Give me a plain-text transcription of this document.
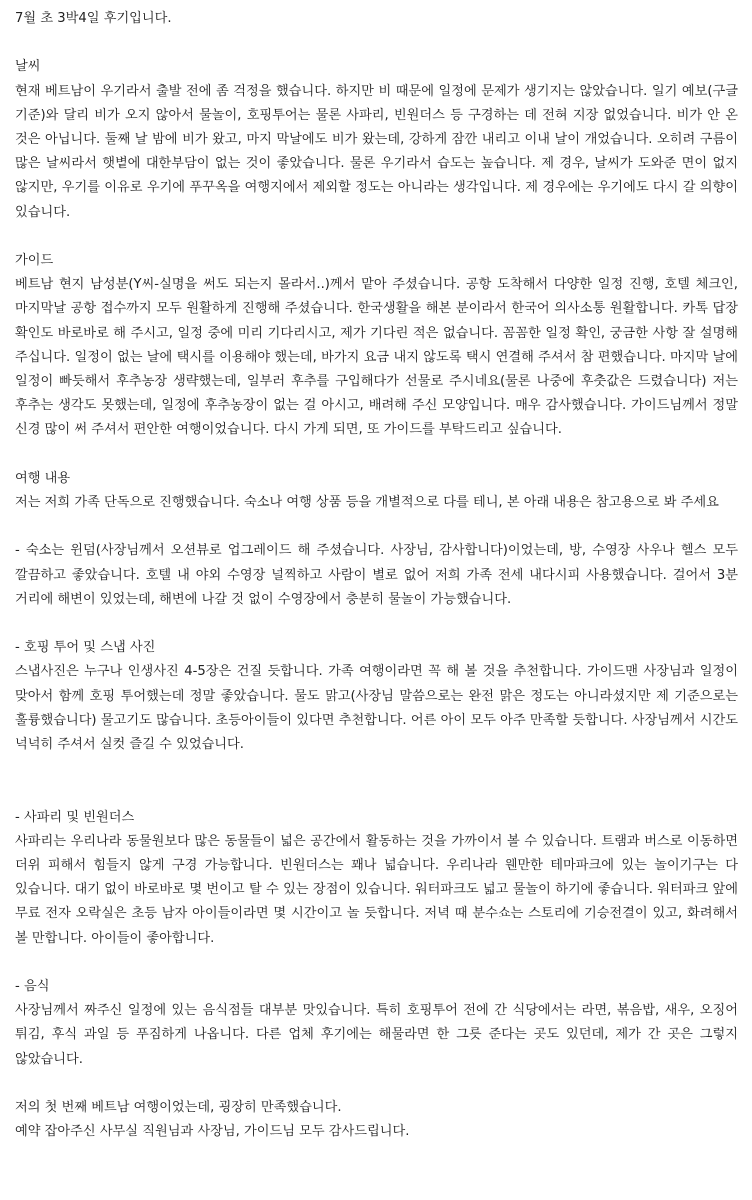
7월 초 3박4일 후기입니다.

날씨

현재 베트남이 우기라서 출발 전에 좀 걱정을 했습니다. 하지만 비 때문에 일정에 문제가 생기지는 않았습니다. 일기 예보(구글 기준)와 달리 비가 오지 않아서 물놀이, 호핑투어는 물론 사파리, 빈원더스 등 구경하는 데 전혀 지장 없었습니다. 비가 안 온 것은 아닙니다. 둘째 날 밤에 비가 왔고, 마지 막날에도 비가 왔는데, 강하게 잠깐 내리고 이내 날이 개었습니다. 오히려 구름이 많은 날씨라서 햇볕에 대한부담이 없는 것이 좋았습니다. 물론 우기라서 습도는 높습니다. 제 경우, 날씨가 도와준 면이 없지 않지만, 우기를 이유로 우기에 푸꾸옥을 여행지에서 제외할 정도는 아니라는 생각입니다. 제 경우에는 우기에도 다시 갈 의향이 있습니다.

가이드

베트남 현지 남성분(Y씨-실명을 써도 되는지 몰라서..)께서 맡아 주셨습니다. 공항 도착해서 다양한 일정 진행, 호텔 체크인, 마지막날 공항 접수까지 모두 원활하게 진행해 주셨습니다. 한국생활을 해본 분이라서 한국어 의사소통 원활합니다. 카톡 답장 확인도 바로바로 해 주시고, 일정 중에 미리 기다리시고, 제가 기다린 적은 없습니다. 꼼꼼한 일정 확인, 궁금한 사항 잘 설명해 주십니다. 일정이 없는 날에 택시를 이용해야 했는데, 바가지 요금 내지 않도록 택시 연결해 주셔서 참 편했습니다. 마지막 날에 일정이 빠듯해서 후추농장 생략했는데, 일부러 후추를 구입해다가 선물로 주시네요(물론 나중에 후춧값은 드렸습니다) 저는 후추는 생각도 못했는데, 일정에 후추농장이 없는 걸 아시고, 배려해 주신 모양입니다. 매우 감사했습니다. 가이드님께서 정말 신경 많이 써 주셔서 편안한 여행이었습니다. 다시 가게 되면, 또 가이드를 부탁드리고 싶습니다.

여행 내용

저는 저희 가족 단독으로 진행했습니다. 숙소나 여행 상품 등을 개별적으로 다를 테니, 본 아래 내용은 참고용으로 봐 주세요

- 숙소는 윈덤(사장님께서 오션뷰로 업그레이드 해 주셨습니다. 사장님, 감사합니다)이었는데, 방, 수영장 사우나 헬스 모두 깔끔하고 좋았습니다. 호텔 내 야외 수영장 널찍하고 사람이 별로 없어 저희 가족 전세 내다시피 사용했습니다. 걸어서 3분 거리에 해변이 있었는데, 해변에 나갈 것 없이 수영장에서 충분히 물놀이 가능했습니다.

- 호핑 투어 및 스냅 사진

스냅사진은 누구나 인생사진 4-5장은 건질 듯합니다. 가족 여행이라면 꼭 해 볼 것을 추천합니다. 가이드맨 사장님과 일정이 맞아서 함께 호핑 투어했는데 정말 좋았습니다. 물도 맑고(사장님 말씀으로는 완전 맑은 정도는 아니라셨지만 제 기준으로는 훌륭했습니다) 물고기도 많습니다. 초등아이들이 있다면 추천합니다. 어른 아이 모두 아주 만족할 듯합니다. 사장님께서 시간도 넉넉히 주셔서 실컷 즐길 수 있었습니다.

- 사파리 및 빈원더스

사파리는 우리나라 동물원보다 많은 동물들이 넓은 공간에서 활동하는 것을 가까이서 볼 수 있습니다. 트램과 버스로 이동하면 더위 피해서 힘들지 않게 구경 가능합니다. 빈원더스는 꽤나 넓습니다. 우리나라 웬만한 테마파크에 있는 놀이기구는 다 있습니다. 대기 없이 바로바로 몇 번이고 탈 수 있는 장점이 있습니다. 워터파크도 넓고 물놀이 하기에 좋습니다. 워터파크 앞에 무료 전자 오락실은 초등 남자 아이들이라면 몇 시간이고 놀 듯합니다. 저녁 때 분수쇼는 스토리에 기승전결이 있고, 화려해서 볼 만합니다. 아이들이 좋아합니다.

- 음식

사장님께서 짜주신 일정에 있는 음식점들 대부분 맛있습니다. 특히 호핑투어 전에 간 식당에서는 라면, 볶음밥, 새우, 오징어 튀김, 후식 과일 등 푸짐하게 나옵니다. 다른 업체 후기에는 해물라면 한 그릇 준다는 곳도 있던데, 제가 간 곳은 그렇지 않았습니다.

저의 첫 번째 베트남 여행이었는데, 굉장히 만족했습니다.

예약 잡아주신 사무실 직원님과 사장님, 가이드님 모두 감사드립니다.
